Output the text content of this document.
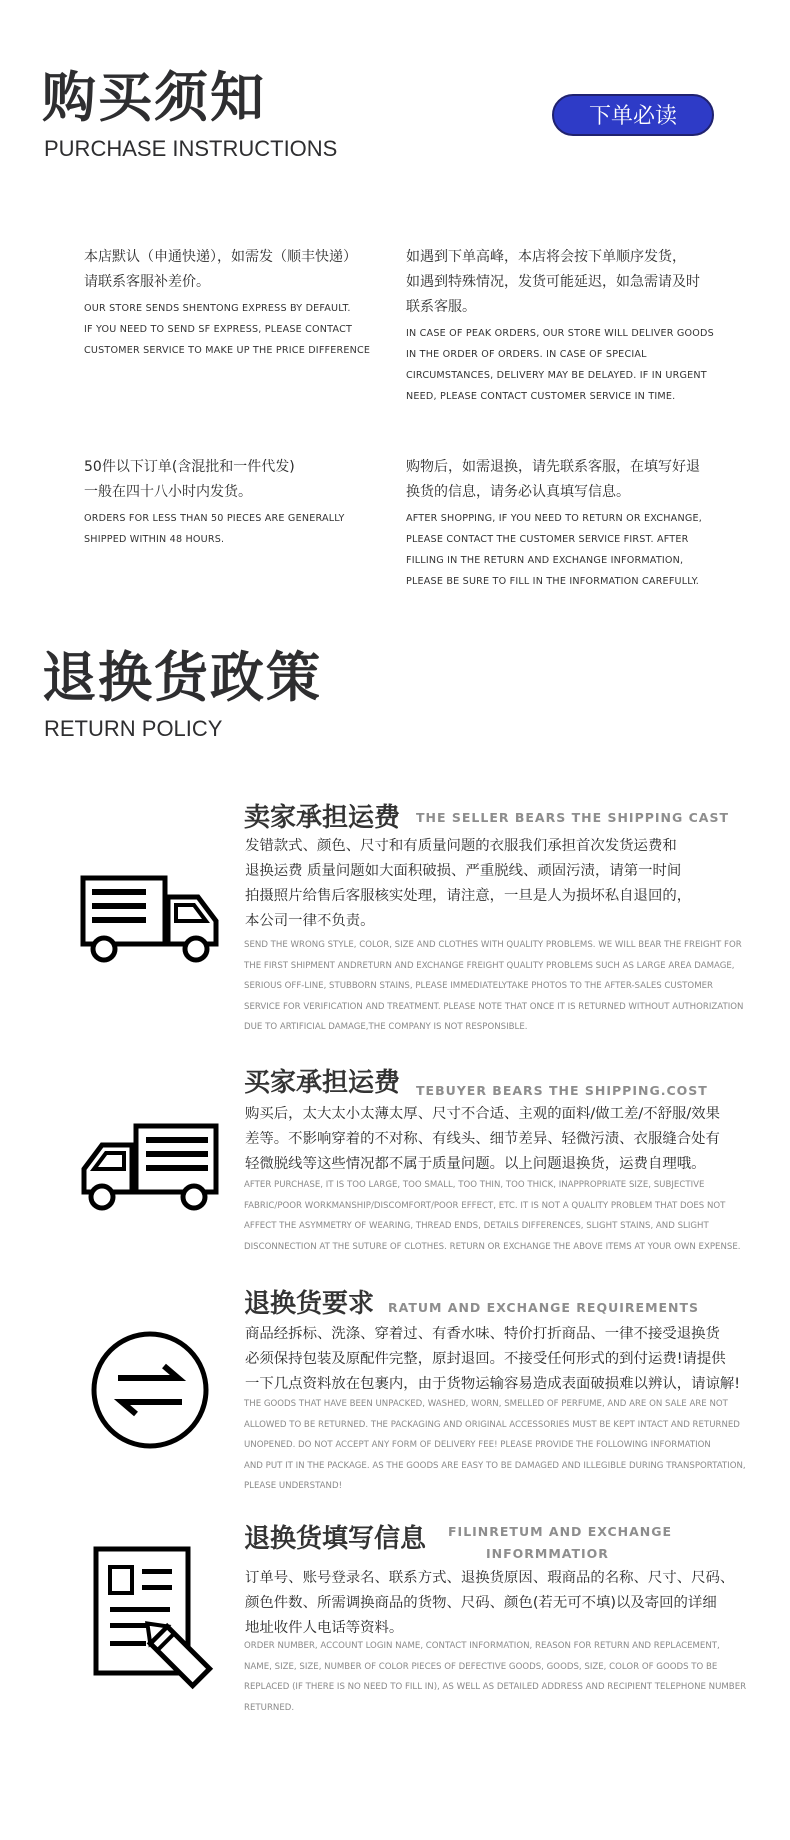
购买须知
PURCHASE INSTRUCTIONS
下单必读
本店默认（申通快递），如需发（顺丰快递）
请联系客服补差价。
OUR STORE SENDS SHENTONG EXPRESS BY DEFAULT.
IF YOU NEED TO SEND SF EXPRESS, PLEASE CONTACT
CUSTOMER SERVICE TO MAKE UP THE PRICE DIFFERENCE
如遇到下单高峰，本店将会按下单顺序发货，
如遇到特殊情况，发货可能延迟，如急需请及时
联系客服。
IN CASE OF PEAK ORDERS, OUR STORE WILL DELIVER GOODS
IN THE ORDER OF ORDERS. IN CASE OF SPECIAL
CIRCUMSTANCES, DELIVERY MAY BE DELAYED. IF IN URGENT
NEED, PLEASE CONTACT CUSTOMER SERVICE IN TIME.
50件以下订单(含混批和一件代发)
一般在四十八小时内发货。
ORDERS FOR LESS THAN 50 PIECES ARE GENERALLY
SHIPPED WITHIN 48 HOURS.
购物后，如需退换，请先联系客服，在填写好退
换货的信息，请务必认真填写信息。
AFTER SHOPPING, IF YOU NEED TO RETURN OR EXCHANGE,
PLEASE CONTACT THE CUSTOMER SERVICE FIRST. AFTER
FILLING IN THE RETURN AND EXCHANGE INFORMATION,
PLEASE BE SURE TO FILL IN THE INFORMATION CAREFULLY.
退换货政策
RETURN POLICY
卖家承担运费 THE SELLER BEARS THE SHIPPING CAST
发错款式、颜色、尺寸和有质量问题的衣服我们承担首次发货运费和
退换运费 质量问题如大面积破损、严重脱线、顽固污渍，请第一时间
拍摄照片给售后客服核实处理，请注意，一旦是人为损坏私自退回的，
本公司一律不负责。
SEND THE WRONG STYLE, COLOR, SIZE AND CLOTHES WITH QUALITY PROBLEMS. WE WILL BEAR THE FREIGHT FOR
THE FIRST SHIPMENT ANDRETURN AND EXCHANGE FREIGHT QUALITY PROBLEMS SUCH AS LARGE AREA DAMAGE,
SERIOUS OFF-LINE, STUBBORN STAINS, PLEASE IMMEDIATELYTAKE PHOTOS TO THE AFTER-SALES CUSTOMER
SERVICE FOR VERIFICATION AND TREATMENT. PLEASE NOTE THAT ONCE IT IS RETURNED WITHOUT AUTHORIZATION
DUE TO ARTIFICIAL DAMAGE,THE COMPANY IS NOT RESPONSIBLE.
买家承担运费 TEBUYER BEARS THE SHIPPING.COST
购买后，太大太小太薄太厚、尺寸不合适、主观的面料/做工差/不舒服/效果
差等。不影响穿着的不对称、有线头、细节差异、轻微污渍、衣服缝合处有
轻微脱线等这些情况都不属于质量问题。以上问题退换货，运费自理哦。
AFTER PURCHASE, IT IS TOO LARGE, TOO SMALL, TOO THIN, TOO THICK, INAPPROPRIATE SIZE, SUBJECTIVE
FABRIC/POOR WORKMANSHIP/DISCOMFORT/POOR EFFECT, ETC. IT IS NOT A QUALITY PROBLEM THAT DOES NOT
AFFECT THE ASYMMETRY OF WEARING, THREAD ENDS, DETAILS DIFFERENCES, SLIGHT STAINS, AND SLIGHT
DISCONNECTION AT THE SUTURE OF CLOTHES. RETURN OR EXCHANGE THE ABOVE ITEMS AT YOUR OWN EXPENSE.
退换货要求 RATUM AND EXCHANGE REQUIREMENTS
商品经拆标、洗涤、穿着过、有香水味、特价打折商品、一律不接受退换货
必须保持包装及原配件完整，原封退回。不接受任何形式的到付运费!请提供
一下几点资料放在包裹内，由于货物运输容易造成表面破损难以辨认，请谅解!
THE GOODS THAT HAVE BEEN UNPACKED, WASHED, WORN, SMELLED OF PERFUME, AND ARE ON SALE ARE NOT
ALLOWED TO BE RETURNED. THE PACKAGING AND ORIGINAL ACCESSORIES MUST BE KEPT INTACT AND RETURNED
UNOPENED. DO NOT ACCEPT ANY FORM OF DELIVERY FEE! PLEASE PROVIDE THE FOLLOWING INFORMATION
AND PUT IT IN THE PACKAGE. AS THE GOODS ARE EASY TO BE DAMAGED AND ILLEGIBLE DURING TRANSPORTATION,
PLEASE UNDERSTAND!
退换货填写信息 FILINRETUM AND EXCHANGE
INFORMMATIOR
订单号、账号登录名、联系方式、退换货原因、瑕商品的名称、尺寸、尺码、
颜色件数、所需调换商品的货物、尺码、颜色(若无可不填)以及寄回的详细
地址收件人电话等资料。
ORDER NUMBER, ACCOUNT LOGIN NAME, CONTACT INFORMATION, REASON FOR RETURN AND REPLACEMENT,
NAME, SIZE, SIZE, NUMBER OF COLOR PIECES OF DEFECTIVE GOODS, GOODS, SIZE, COLOR OF GOODS TO BE
REPLACED (IF THERE IS NO NEED TO FILL IN), AS WELL AS DETAILED ADDRESS AND RECIPIENT TELEPHONE NUMBER
RETURNED.
